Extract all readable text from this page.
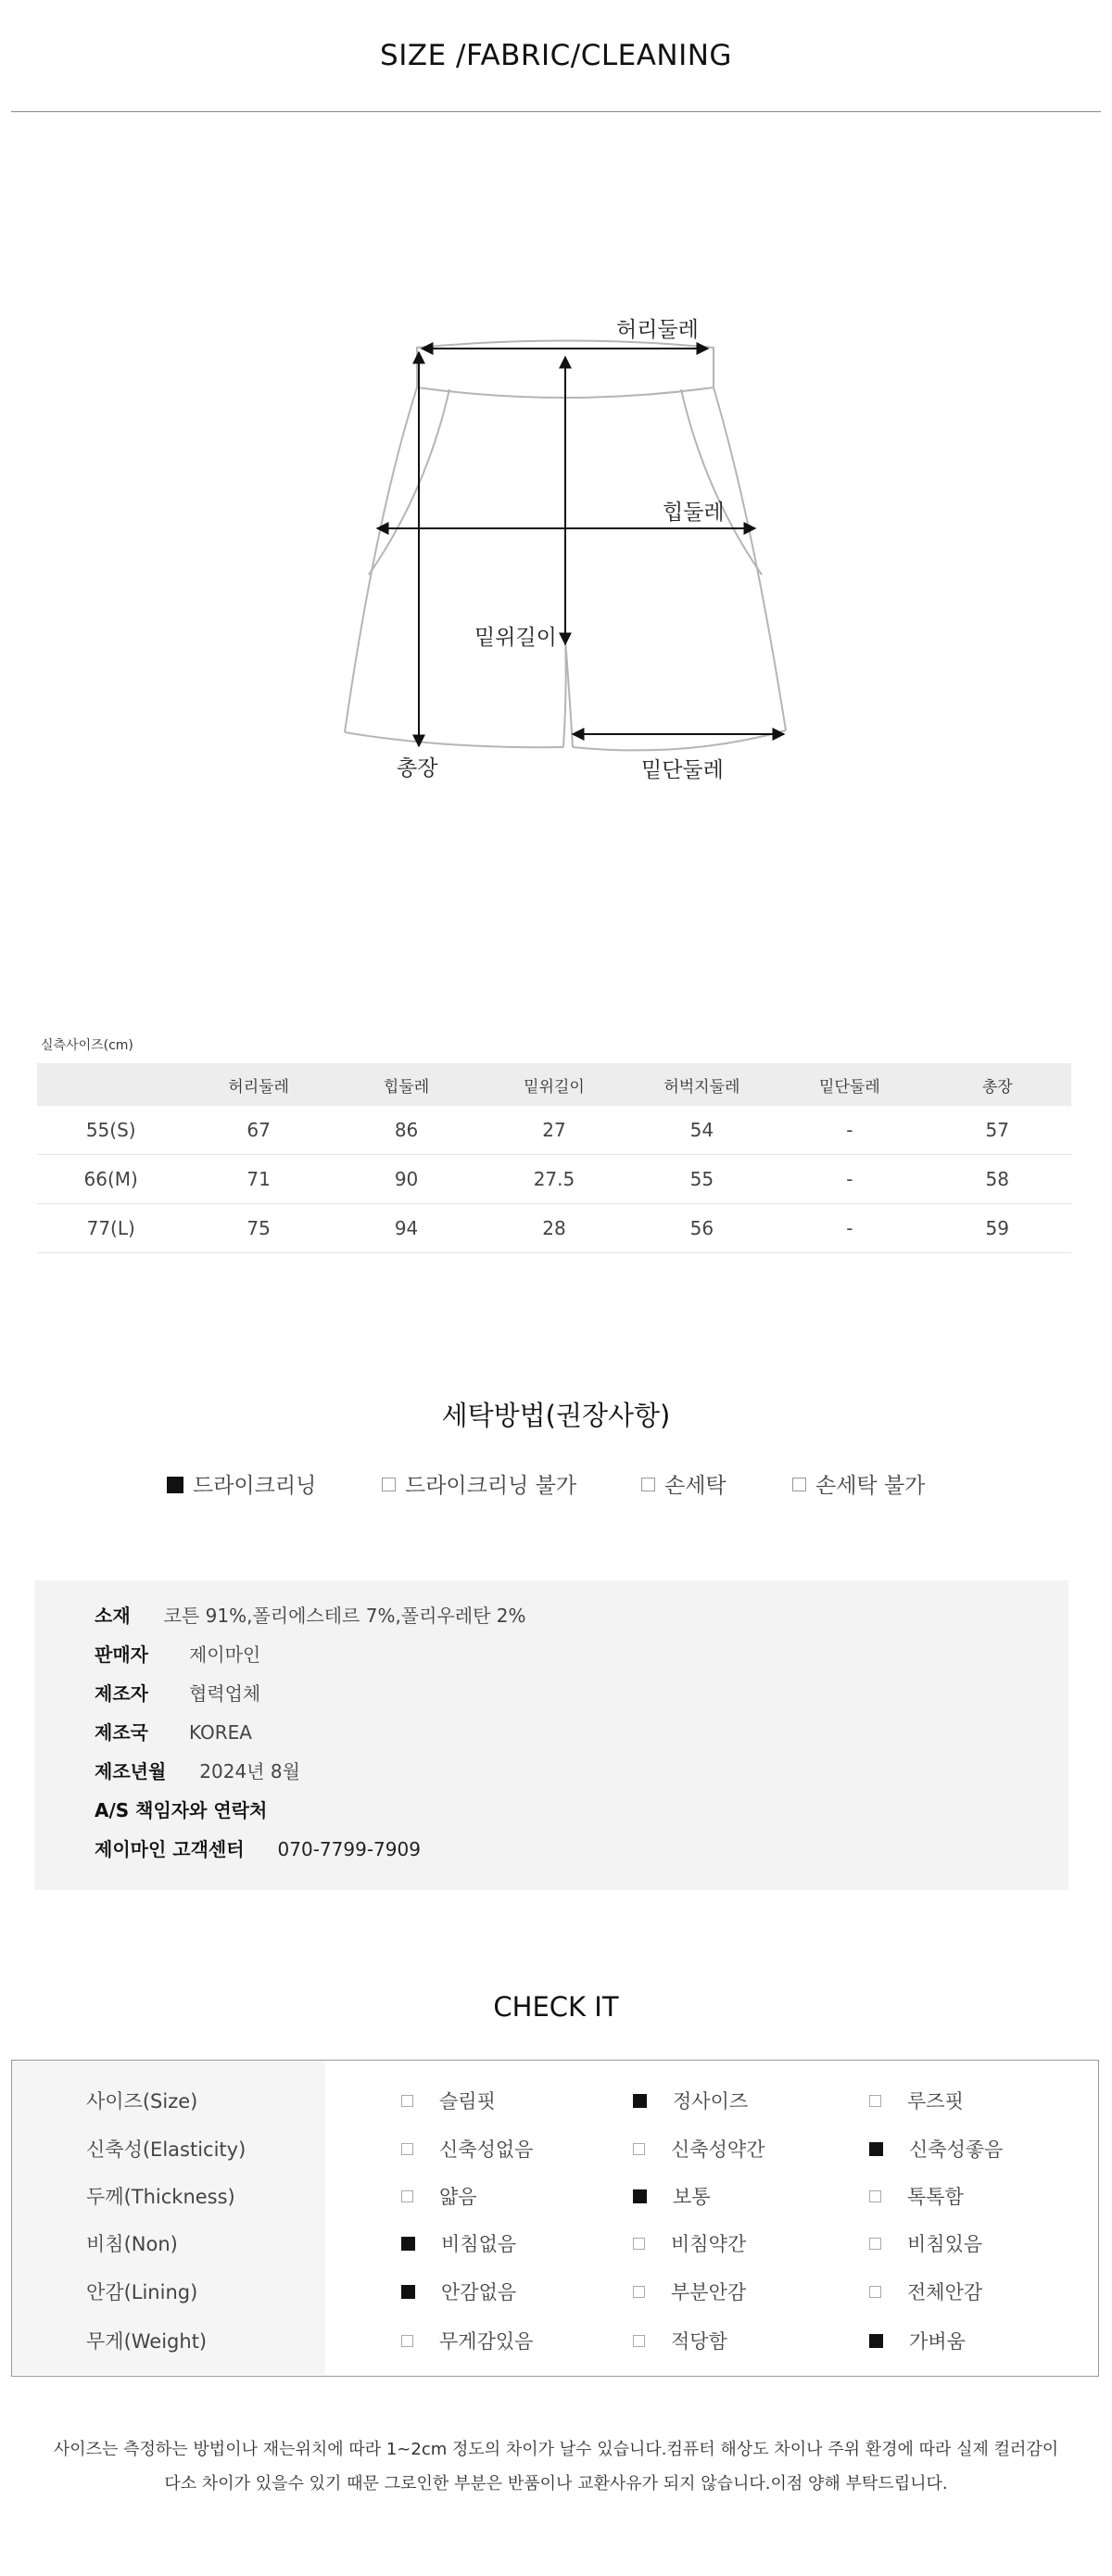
SIZE /FABRIC/CLEANING
허리둘레
힙둘레
밑위길이
총장	밑단둘레
실측사이즈(cm)
	허리둘레	힙둘레	밑위길이	허벅지둘레	밑단둘레	총장
55(S)	67	86	27	54	-	57
66(M)	71	90	27.5	55	-	58
77(L)	75	94	28	56	-	59
세탁방법(권장사항)
드라이크리닝	드라이크리닝 불가	손세탁	손세탁 불가
소재 코튼 91%,폴리에스테르 7%,폴리우레탄 2%
판매자 제이마인
제조자 협력업체
제조국 KOREA
제조년월 2024년 8월
A/S 책임자와 연락처
제이마인 고객센터 070-7799-7909
CHECK IT
사이즈(Size)	슬림핏	정사이즈	루즈핏
신축성(Elasticity)	신축성없음	신축성약간	신축성좋음
두께(Thickness)	얇음	보통	톡톡함
비침(Non)	비침없음	비침약간	비침있음
안감(Lining)	안감없음	부분안감	전체안감
무게(Weight)	무게감있음	적당함	가벼움
사이즈는 측정하는 방법이나 재는위치에 따라 1~2cm 정도의 차이가 날수 있습니다.컴퓨터 해상도 차이나 주위 환경에 따라 실제 컬러감이
다소 차이가 있을수 있기 때문 그로인한 부분은 반품이나 교환사유가 되지 않습니다.이점 양해 부탁드립니다.
